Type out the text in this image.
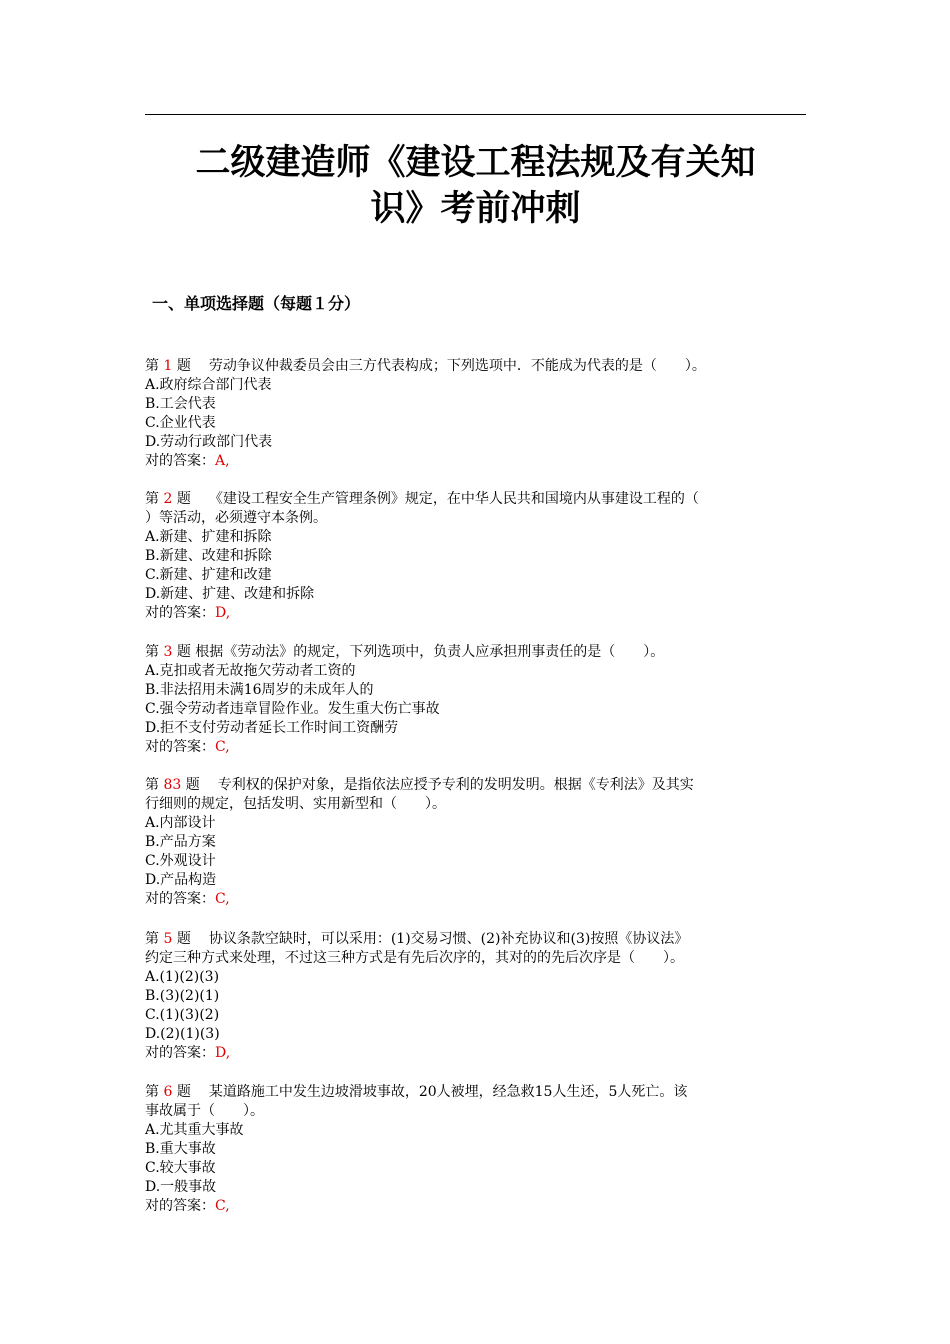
二级建造师《建设工程法规及有关知
识》考前冲刺
一、单项选择题（每题１分）
第 1 题 劳动争议仲裁委员会由三方代表构成；下列选项中．不能成为代表的是（　　）。
A.政府综合部门代表
B.工会代表
C.企业代表
D.劳动行政部门代表
对的答案：A,
第 2 题 《建设工程安全生产管理条例》规定，在中华人民共和国境内从事建设工程的（
）等活动，必须遵守本条例。
A.新建、扩建和拆除
B.新建、改建和拆除
C.新建、扩建和改建
D.新建、扩建、改建和拆除
对的答案：D,
第 3 题 根据《劳动法》的规定，下列选项中，负责人应承担刑事责任的是（　　）。
A.克扣或者无故拖欠劳动者工资的
B.非法招用未满16周岁的未成年人的
C.强令劳动者违章冒险作业。发生重大伤亡事故
D.拒不支付劳动者延长工作时间工资酬劳
对的答案：C,
第 83 题 专利权的保护对象，是指依法应授予专利的发明发明。根据《专利法》及其实
行细则的规定，包括发明、实用新型和（　　）。
A.内部设计
B.产品方案
C.外观设计
D.产品构造
对的答案：C,
第 5 题 协议条款空缺时，可以采用：(1)交易习惯、(2)补充协议和(3)按照《协议法》
约定三种方式来处理，不过这三种方式是有先后次序的，其对的的先后次序是（　　）。
A.(1)(2)(3)
B.(3)(2)(1)
C.(1)(3)(2)
D.(2)(1)(3)
对的答案：D,
第 6 题 某道路施工中发生边坡滑坡事故，20人被埋，经急救15人生还，5人死亡。该
事故属于（　　）。
A.尤其重大事故
B.重大事故
C.较大事故
D.一般事故
对的答案：C,
